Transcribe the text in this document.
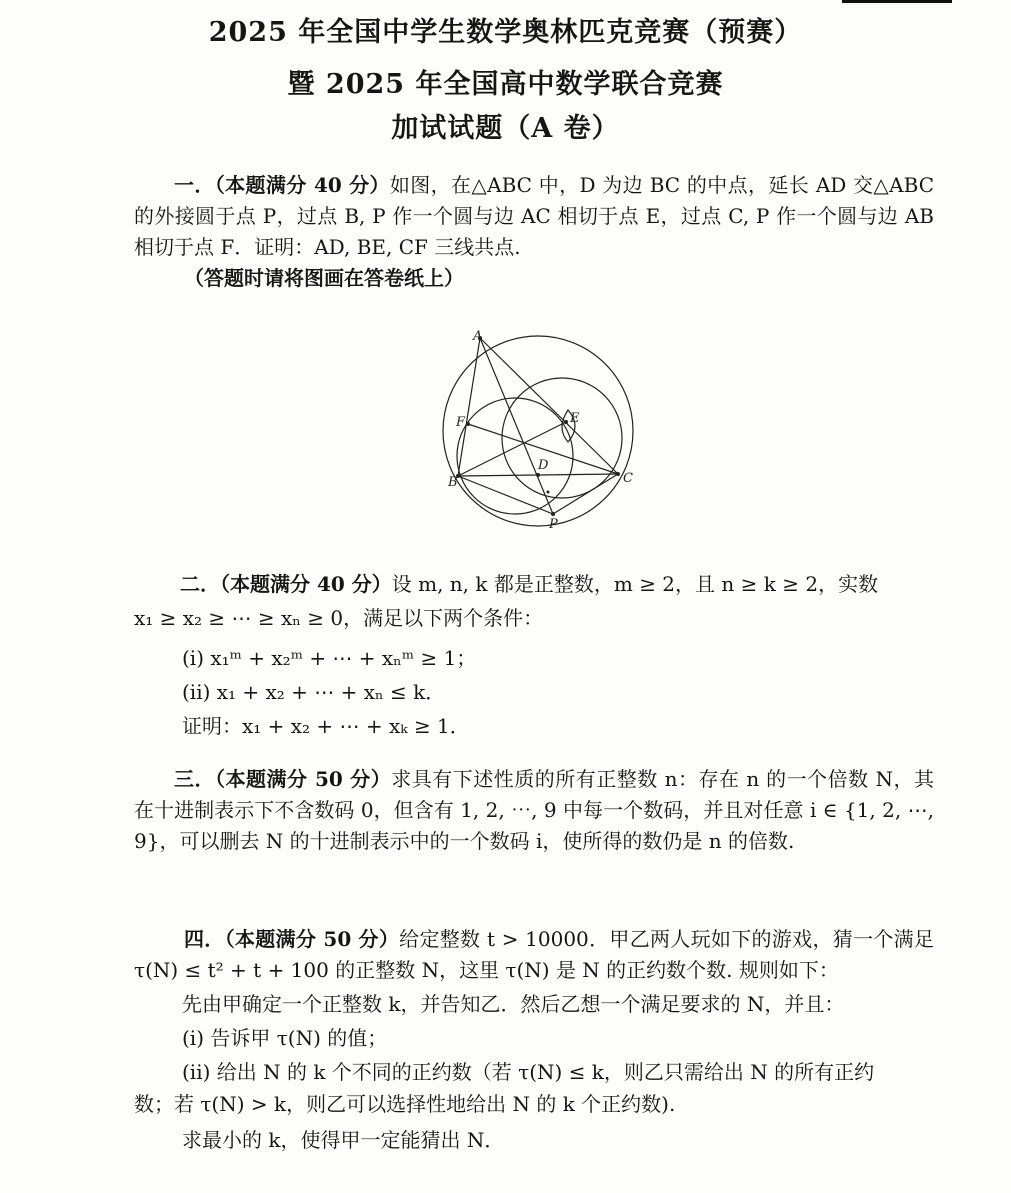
2025 年全国中学生数学奥林匹克竞赛（预赛）
暨 2025 年全国高中数学联合竞赛
加试试题（A 卷）
一．（本题满分 40 分）如图，在△ABC 中，D 为边 BC 的中点，延长 AD 交△ABC 的外接圆于点 P，过点 B, P 作一个圆与边 AC 相切于点 E，过点 C, P 作一个圆与边 AB 相切于点 F．证明：AD, BE, CF 三线共点.
（答题时请将图画在答卷纸上）
A
B	C
D
E
F
P
二．（本题满分 40 分）设 m, n, k 都是正整数，m ≥ 2，且 n ≥ k ≥ 2，实数
x₁ ≥ x₂ ≥ ⋯ ≥ xₙ ≥ 0，满足以下两个条件：
(i) x₁ᵐ + x₂ᵐ + ⋯ + xₙᵐ ≥ 1；
(ii) x₁ + x₂ + ⋯ + xₙ ≤ k．
证明：x₁ + x₂ + ⋯ + xₖ ≥ 1．
三．（本题满分 50 分）求具有下述性质的所有正整数 n：存在 n 的一个倍数 N，其在十进制表示下不含数码 0，但含有 1, 2, ⋯, 9 中每一个数码，并且对任意 i ∈ {1, 2, ⋯, 9}，可以删去 N 的十进制表示中的一个数码 i，使所得的数仍是 n 的倍数.
四．（本题满分 50 分）给定整数 t > 10000．甲乙两人玩如下的游戏，猜一个满足 τ(N) ≤ t² + t + 100 的正整数 N，这里 τ(N) 是 N 的正约数个数. 规则如下：
先由甲确定一个正整数 k，并告知乙．然后乙想一个满足要求的 N，并且：
(i) 告诉甲 τ(N) 的值；
(ii) 给出 N 的 k 个不同的正约数（若 τ(N) ≤ k，则乙只需给出 N 的所有正约
数；若 τ(N) > k，则乙可以选择性地给出 N 的 k 个正约数).
求最小的 k，使得甲一定能猜出 N．
